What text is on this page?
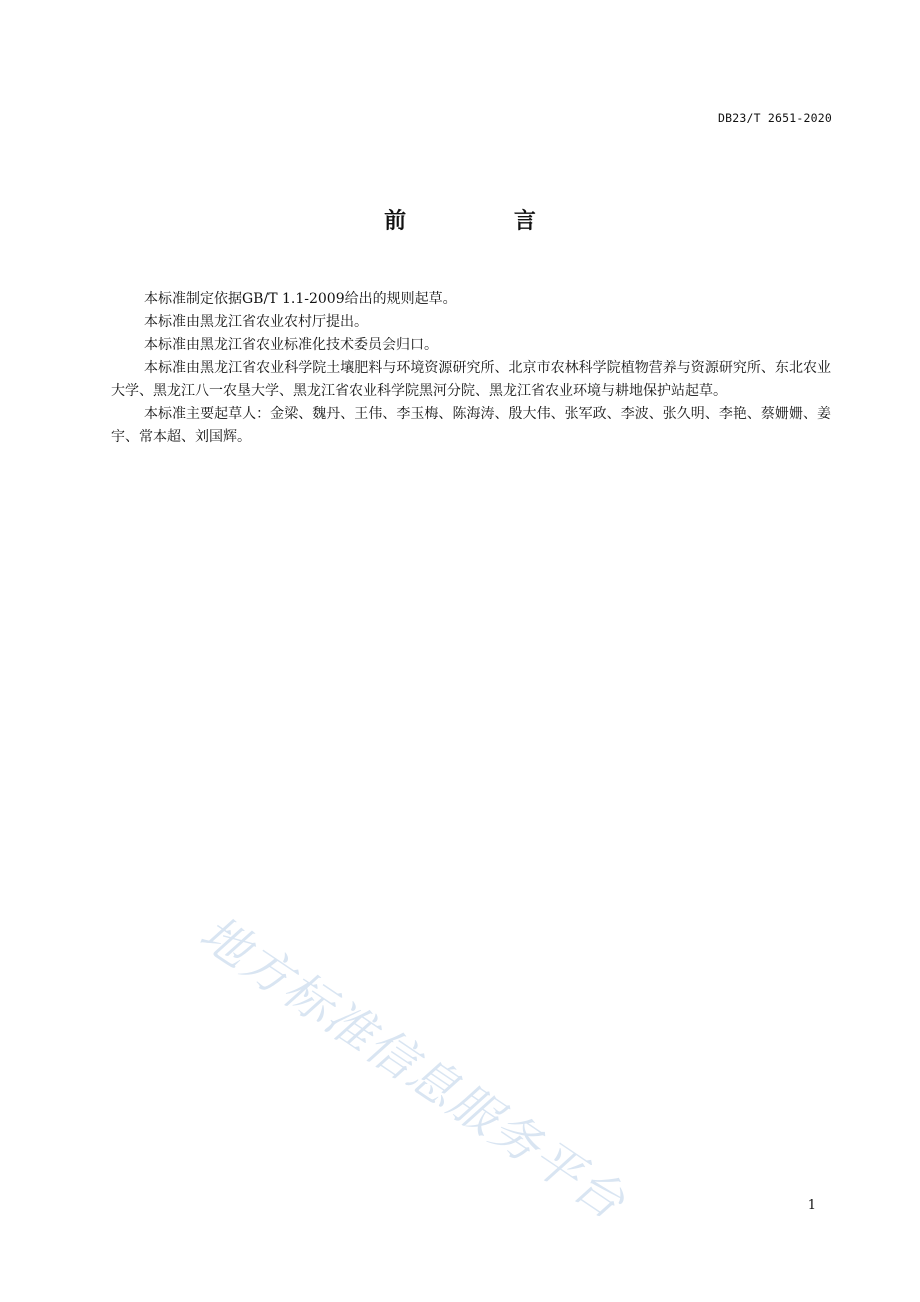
DB23/T 2651-2020
前 言

本标准制定依据GB/T 1.1-2009给出的规则起草。

本标准由黑龙江省农业农村厅提出。

本标准由黑龙江省农业标准化技术委员会归口。

本标准由黑龙江省农业科学院土壤肥料与环境资源研究所、北京市农林科学院植物营养与资源研究所、东北农业大学、黑龙江八一农垦大学、黑龙江省农业科学院黑河分院、黑龙江省农业环境与耕地保护站起草。

本标准主要起草人：金梁、魏丹、王伟、李玉梅、陈海涛、殷大伟、张军政、李波、张久明、李艳、蔡姗姗、姜宇、常本超、刘国辉。

地方标准信息服务平台	1
